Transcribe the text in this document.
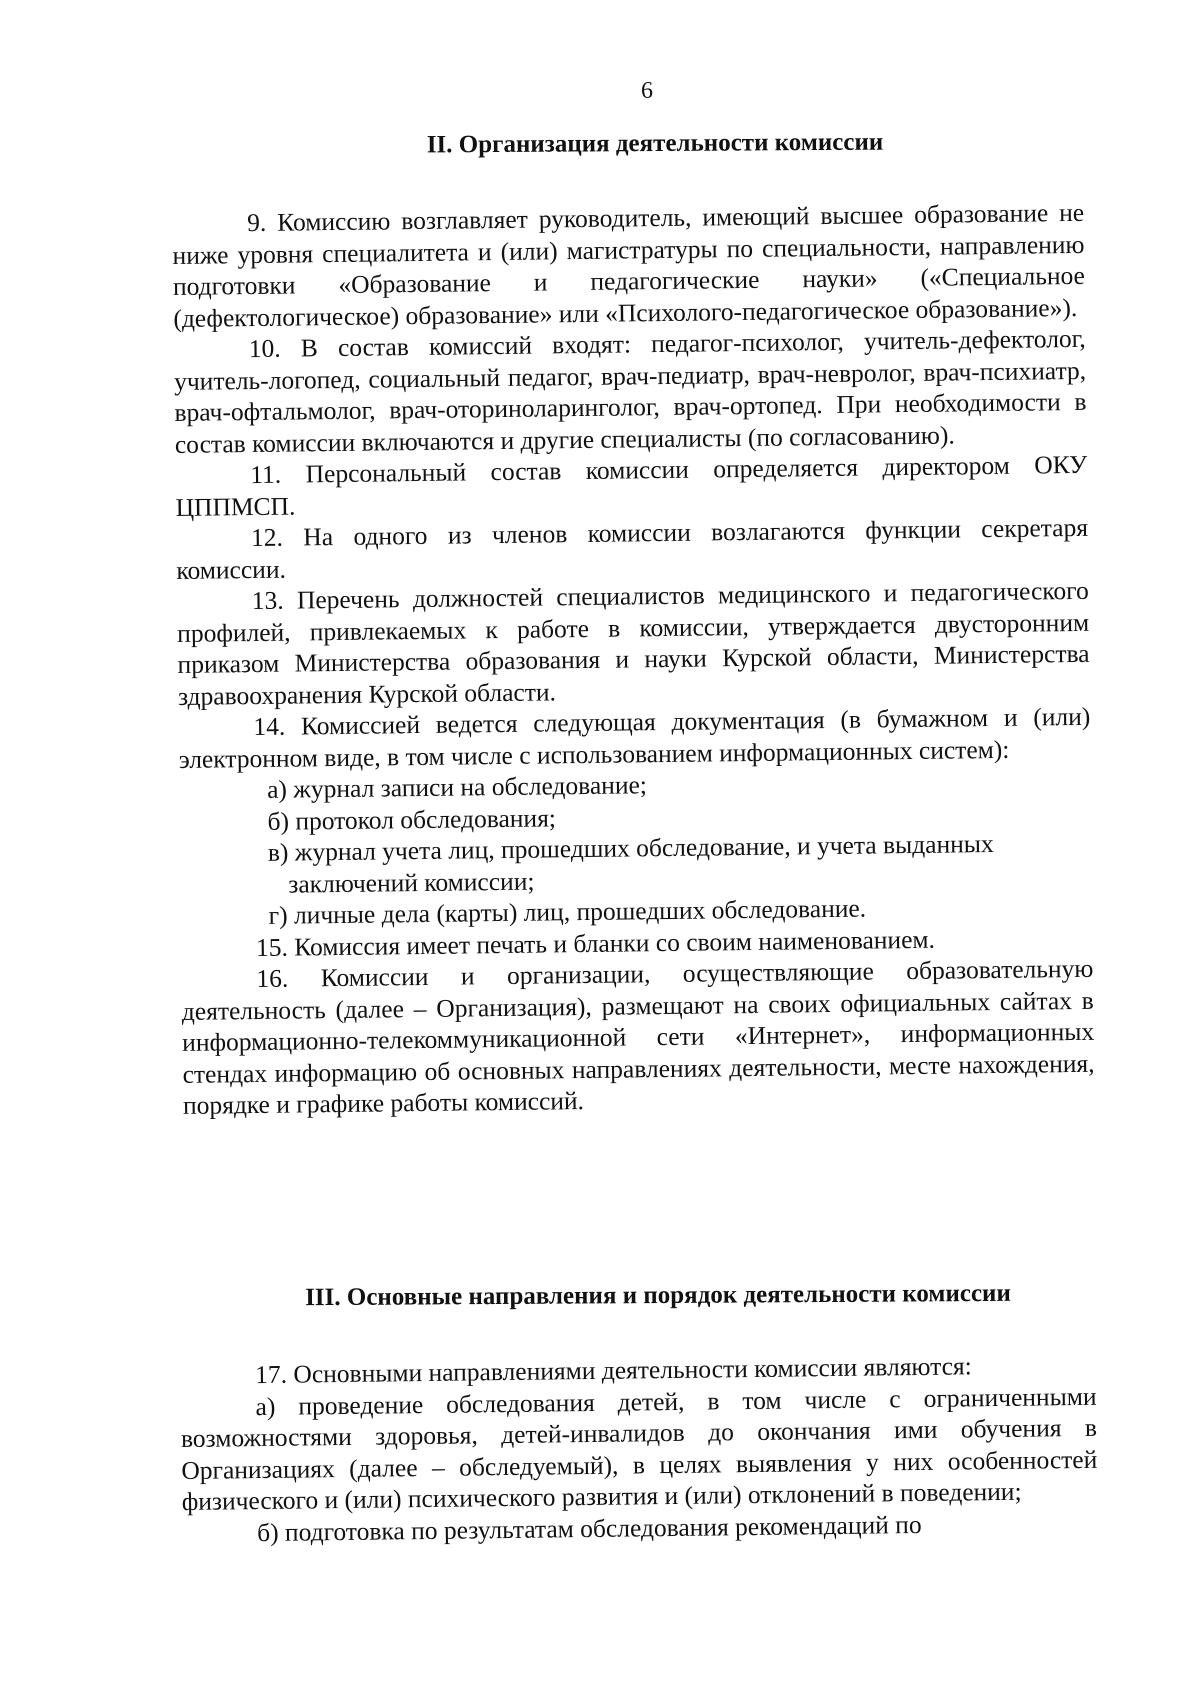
6
II. Организация деятельности комиссии

9. Комиссию возглавляет руководитель, имеющий высшее образование не ниже уровня специалитета и (или) магистратуры по специальности, направлению подготовки «Образование и педагогические науки» («Специальное (дефектологическое) образование» или «Психолого-педагогическое образование»).

10. В состав комиссий входят: педагог-психолог, учитель-дефектолог, учитель-логопед, социальный педагог, врач-педиатр, врач-невролог, врач-психиатр, врач-офтальмолог, врач-оториноларинголог, врач-ортопед. При необходимости в состав комиссии включаются и другие специалисты (по согласованию).

11. Персональный состав комиссии определяется директором ОКУ ЦППМСП.

12. На одного из членов комиссии возлагаются функции секретаря комиссии.

13. Перечень должностей специалистов медицинского и педагогического профилей, привлекаемых к работе в комиссии, утверждается двусторонним приказом Министерства образования и науки Курской области, Министерства здравоохранения Курской области.

14. Комиссией ведется следующая документация (в бумажном и (или) электронном виде, в том числе с использованием информационных систем):

а) журнал записи на обследование;

б) протокол обследования;

в) журнал учета лиц, прошедших обследование, и учета выданных
заключений комиссии;

г) личные дела (карты) лиц, прошедших обследование.

15. Комиссия имеет печать и бланки со своим наименованием.

16. Комиссии и организации, осуществляющие образовательную деятельность (далее – Организация), размещают на своих официальных сайтах в информационно-телекоммуникационной сети «Интернет», информационных стендах информацию об основных направлениях деятельности, месте нахождения, порядке и графике работы комиссий.

III. Основные направления и порядок деятельности комиссии

17. Основными направлениями деятельности комиссии являются:

а) проведение обследования детей, в том числе с ограниченными возможностями здоровья, детей-инвалидов до окончания ими обучения в Организациях (далее – обследуемый), в целях выявления у них особенностей физического и (или) психического развития и (или) отклонений в поведении;

б) подготовка по результатам обследования рекомендаций по
